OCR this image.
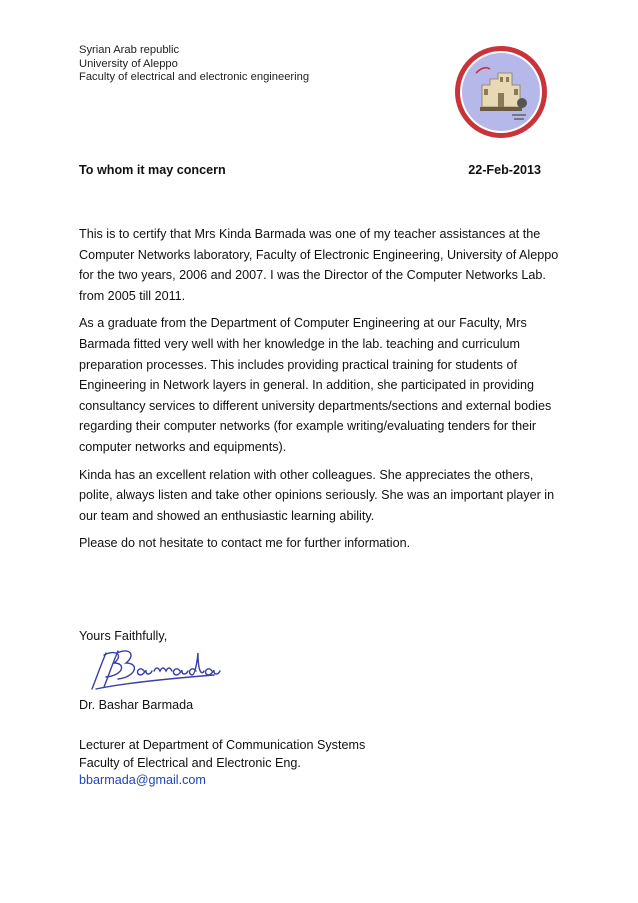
Syrian Arab republic
University of Aleppo
Faculty of electrical and electronic engineering
To whom it may concern	22-Feb-2013

This is to certify that Mrs Kinda Barmada was one of my teacher assistances at the Computer Networks laboratory, Faculty of Electronic Engineering, University of Aleppo for the two years, 2006 and 2007. I was the Director of the Computer Networks Lab. from 2005 till 2011.

As a graduate from the Department of Computer Engineering at our Faculty, Mrs Barmada fitted very well with her knowledge in the lab. teaching and curriculum preparation processes. This includes providing practical training for students of Engineering in Network layers in general. In addition, she participated in providing consultancy services to different university departments/sections and external bodies regarding their computer networks (for example writing/evaluating tenders for their computer networks and equipments).

Kinda has an excellent relation with other colleagues. She appreciates the others, polite, always listen and take other opinions seriously. She was an important player in our team and showed an enthusiastic learning ability.

Please do not hesitate to contact me for further information.

Yours Faithfully,
BBarmada
Dr. Bashar Barmada
Lecturer at Department of Communication Systems
Faculty of Electrical and Electronic Eng.
bbarmada@gmail.com
